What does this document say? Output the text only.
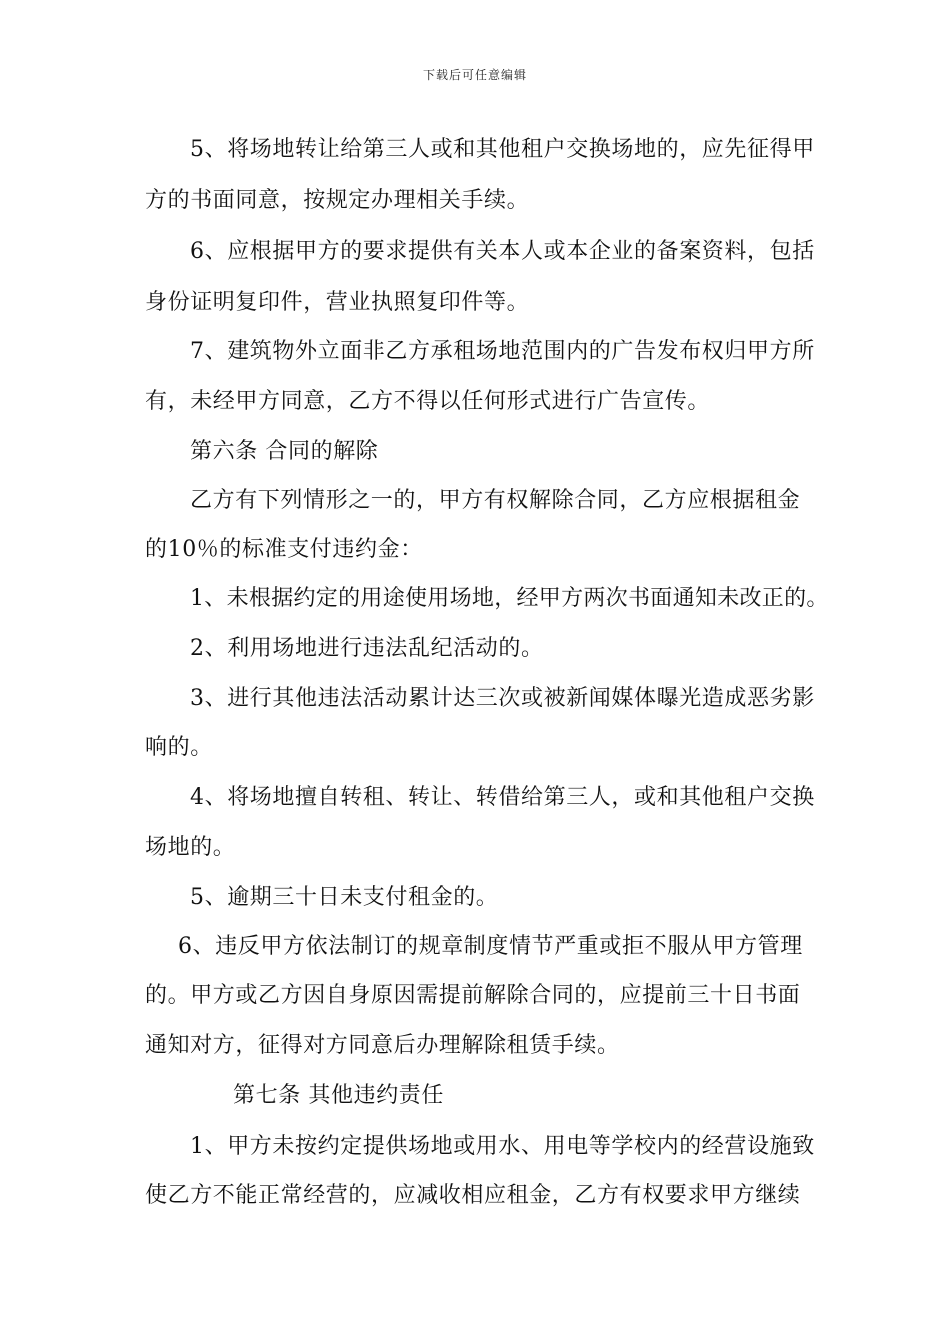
下载后可任意编辑
5、将场地转让给第三人或和其他租户交换场地的，应先征得甲
方的书面同意，按规定办理相关手续。
6、应根据甲方的要求提供有关本人或本企业的备案资料，包括
身份证明复印件，营业执照复印件等。
7、建筑物外立面非乙方承租场地范围内的广告发布权归甲方所
有，未经甲方同意，乙方不得以任何形式进行广告宣传。
第六条 合同的解除
乙方有下列情形之一的，甲方有权解除合同，乙方应根据租金
的10％的标准支付违约金：
1、未根据约定的用途使用场地，经甲方两次书面通知未改正的。
2、利用场地进行违法乱纪活动的。
3、进行其他违法活动累计达三次或被新闻媒体曝光造成恶劣影
响的。
4、将场地擅自转租、转让、转借给第三人，或和其他租户交换
场地的。
5、逾期三十日未支付租金的。
6、违反甲方依法制订的规章制度情节严重或拒不服从甲方管理
的。甲方或乙方因自身原因需提前解除合同的，应提前三十日书面
通知对方，征得对方同意后办理解除租赁手续。
第七条 其他违约责任
1、甲方未按约定提供场地或用水、用电等学校内的经营设施致
使乙方不能正常经营的，应减收相应租金，乙方有权要求甲方继续
